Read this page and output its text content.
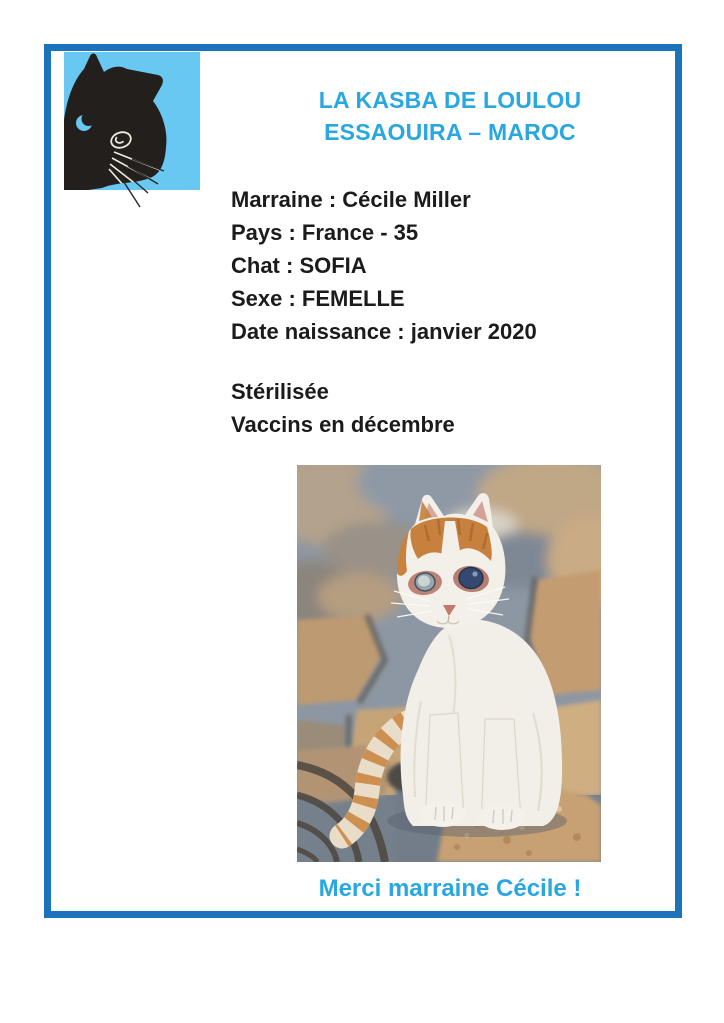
LA KASBA DE LOULOU
ESSAOUIRA – MAROC
Marraine : Cécile Miller
Pays : France - 35
Chat : SOFIA
Sexe : FEMELLE
Date naissance : janvier 2020
Stérilisée
Vaccins en décembre
Merci marraine Cécile !
